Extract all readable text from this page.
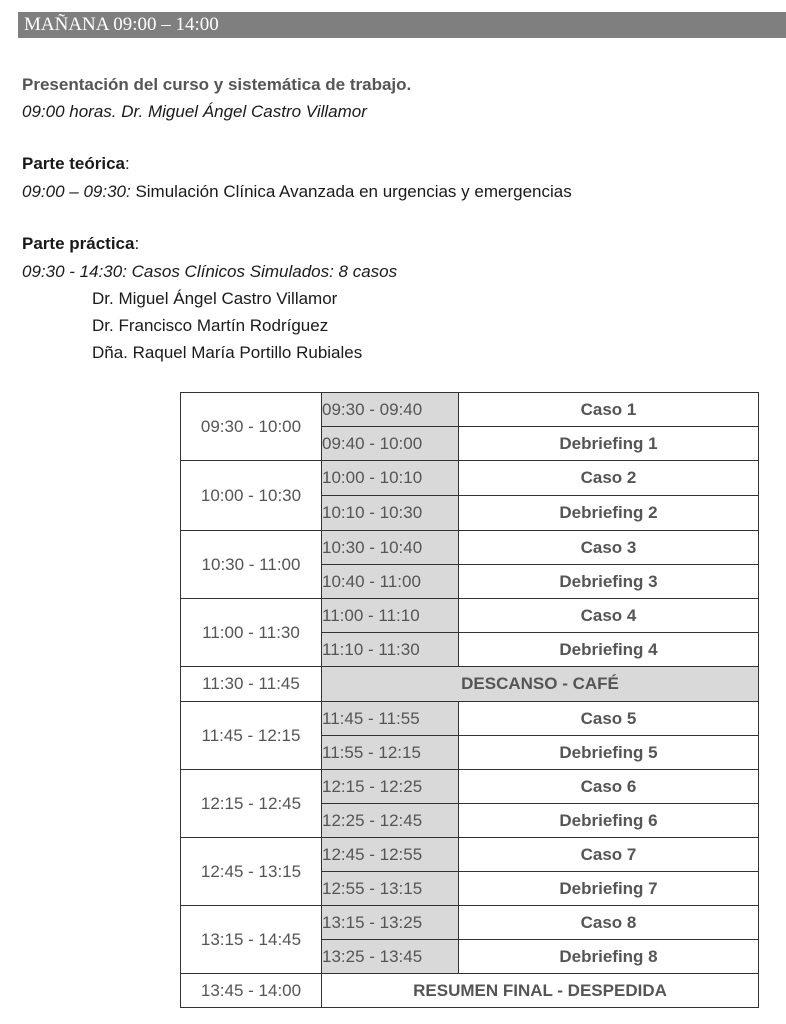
MAÑANA 09:00 – 14:00
Presentación del curso y sistemática de trabajo.
09:00 horas. Dr. Miguel Ángel Castro Villamor
Parte teórica:
09:00 – 09:30: Simulación Clínica Avanzada en urgencias y emergencias
Parte práctica:
09:30 - 14:30: Casos Clínicos Simulados: 8 casos
Dr. Miguel Ángel Castro Villamor
Dr. Francisco Martín Rodríguez
Dña. Raquel María Portillo Rubiales
09:30 - 10:00	09:30 - 09:40	Caso 1
	09:40 - 10:00	Debriefing 1
10:00 - 10:30	10:00 - 10:10	Caso 2
	10:10 - 10:30	Debriefing 2
10:30 - 11:00	10:30 - 10:40	Caso 3
	10:40 - 11:00	Debriefing 3
11:00 - 11:30	11:00 - 11:10	Caso 4
	11:10 - 11:30	Debriefing 4
11:30 - 11:45	DESCANSO - CAFÉ	
11:45 - 12:15	11:45 - 11:55	Caso 5
	11:55 - 12:15	Debriefing 5
12:15 - 12:45	12:15 - 12:25	Caso 6
	12:25 - 12:45	Debriefing 6
12:45 - 13:15	12:45 - 12:55	Caso 7
	12:55 - 13:15	Debriefing 7
13:15 - 14:45	13:15 - 13:25	Caso 8
	13:25 - 13:45	Debriefing 8
13:45 - 14:00	RESUMEN FINAL - DESPEDIDA	
